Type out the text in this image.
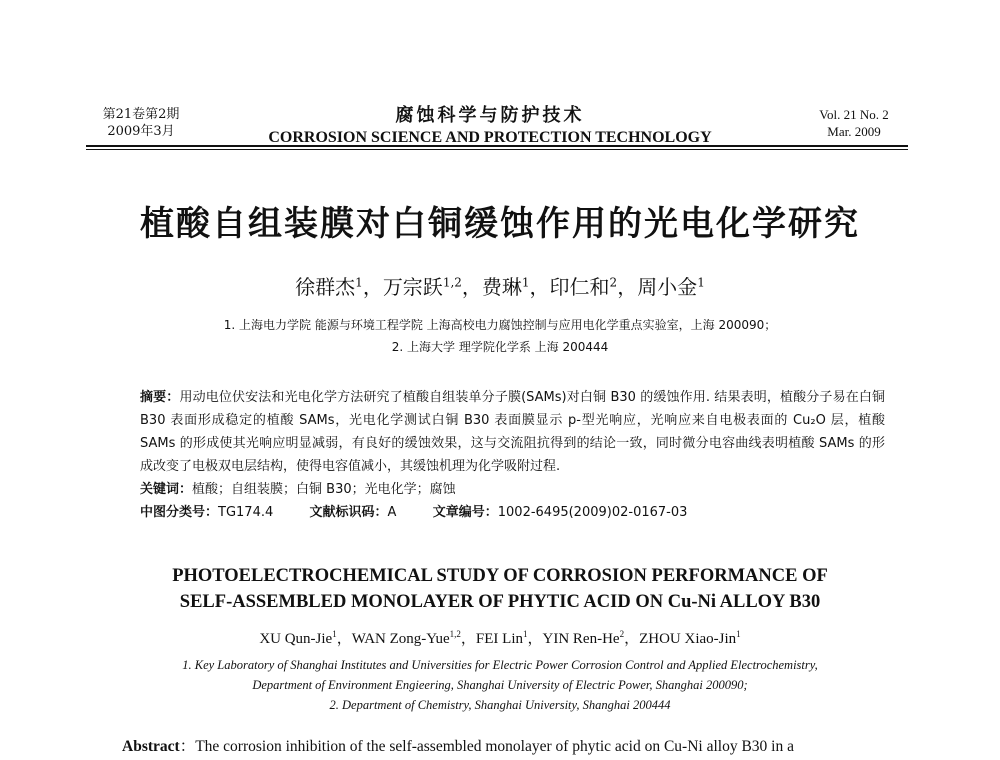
第21卷第2期
2009年3月
腐蚀科学与防护技术
CORROSION SCIENCE AND PROTECTION TECHNOLOGY
Vol. 21 No. 2
Mar. 2009
植酸自组装膜对白铜缓蚀作用的光电化学研究
徐群杰$^1$，万宗跃$^{1,2}$，费琳$^1$，印仁和$^2$，周小金$^1$
1. 上海电力学院 能源与环境工程学院 上海高校电力腐蚀控制与应用电化学重点实验室，上海 200090；
2. 上海大学 理学院化学系 上海 200444
摘要：用动电位伏安法和光电化学方法研究了植酸自组装单分子膜(SAMs)对白铜 B30 的缓蚀作用. 结果表明，植酸分子易在白铜 B30 表面形成稳定的植酸 SAMs，光电化学测试白铜 B30 表面膜显示 p-型光响应，光响应来自电极表面的 Cu₂O 层，植酸 SAMs 的形成使其光响应明显减弱，有良好的缓蚀效果，这与交流阻抗得到的结论一致，同时微分电容曲线表明植酸 SAMs 的形成改变了电极双电层结构，使得电容值减小，其缓蚀机理为化学吸附过程.
关键词：植酸；自组装膜；白铜 B30；光电化学；腐蚀
中图分类号：TG174.4	文献标识码：A	文章编号：1002-6495(2009)02-0167-03
PHOTOELECTROCHEMICAL STUDY OF CORROSION PERFORMANCE OF
SELF-ASSEMBLED MONOLAYER OF PHYTIC ACID ON Cu-Ni ALLOY B30
XU Qun-Jie$^1$，WAN Zong-Yue$^{1,2}$，FEI Lin$^1$，YIN Ren-He$^2$，ZHOU Xiao-Jin$^1$
1. Key Laboratory of Shanghai Institutes and Universities for Electric Power Corrosion Control and Applied Electrochemistry,
Department of Environment Engieering, Shanghai University of Electric Power, Shanghai 200090;
2. Department of Chemistry, Shanghai University, Shanghai 200444
Abstract：The corrosion inhibition of the self-assembled monolayer of phytic acid on Cu-Ni alloy B30 in a
